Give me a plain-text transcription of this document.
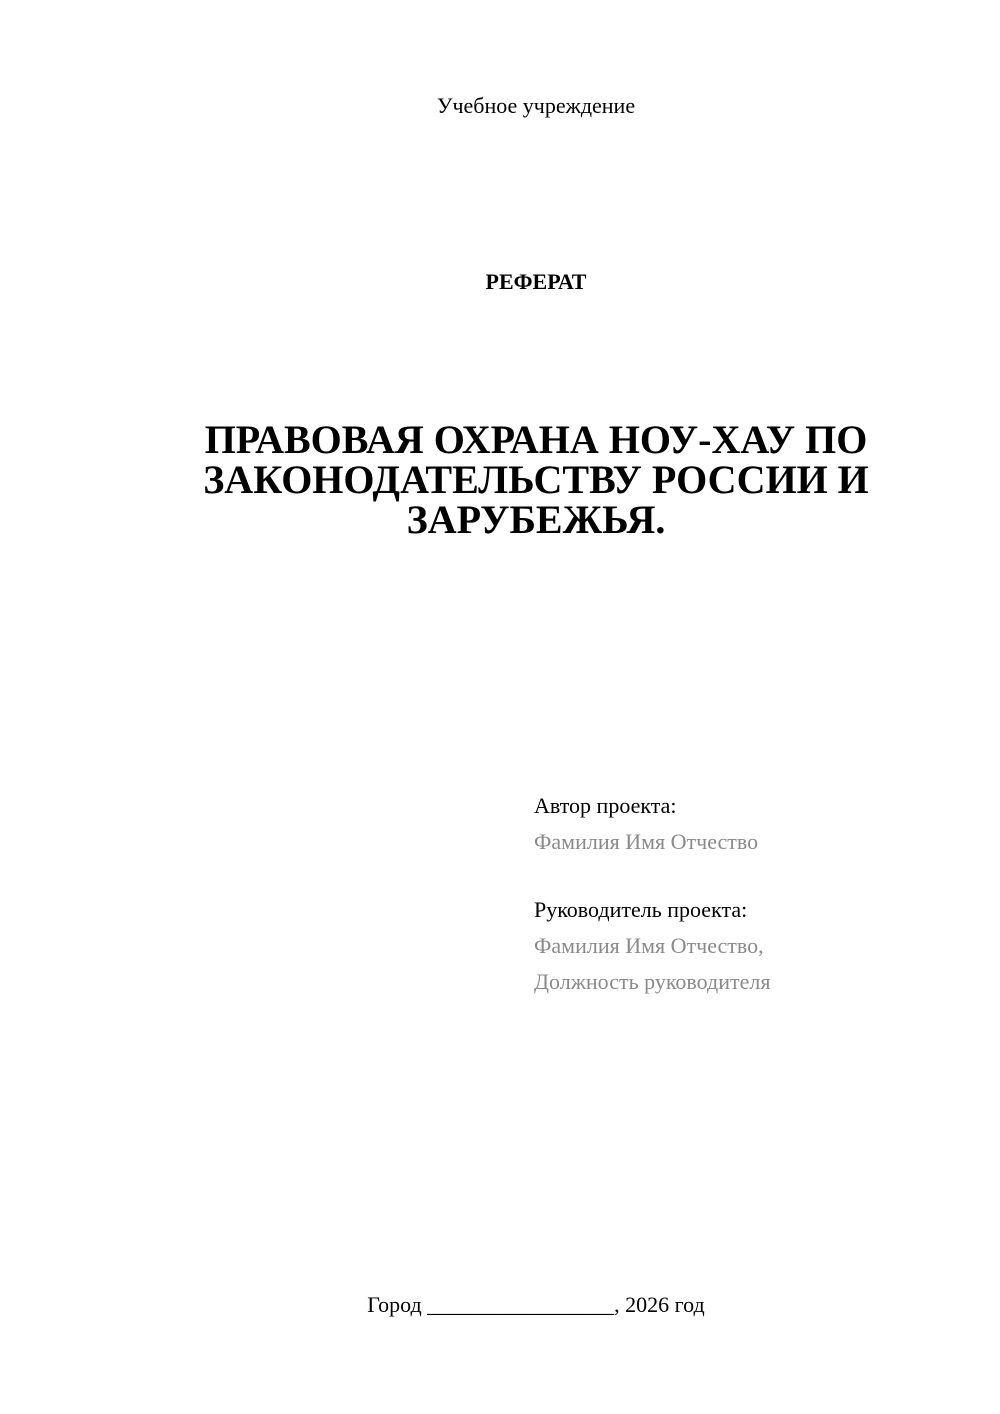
Учебное учреждение
РЕФЕРАТ
ПРАВОВАЯ ОХРАНА НОУ-ХАУ ПО ЗАКОНОДАТЕЛЬСТВУ РОССИИ И ЗАРУБЕЖЬЯ.
Автор проекта:
Фамилия Имя Отчество
Руководитель проекта:
Фамилия Имя Отчество,
Должность руководителя
Город _________________, 2026 год
